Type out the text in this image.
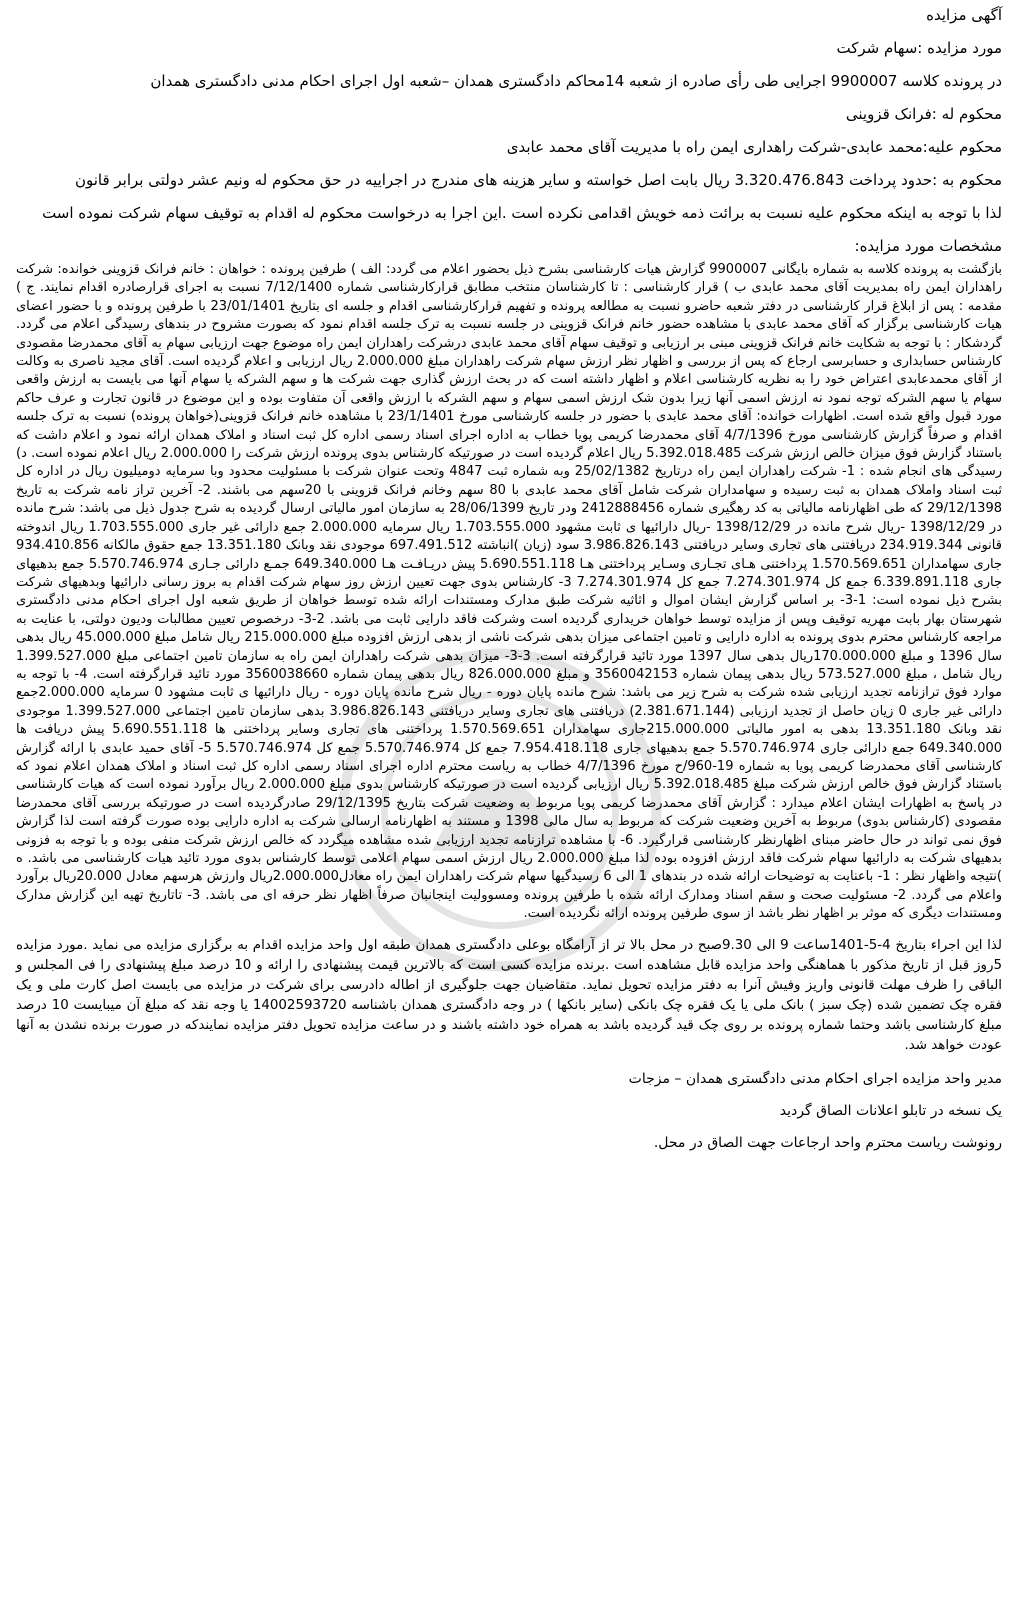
آگهی مزایده
مورد مزایده :سهام شرکت
در پرونده کلاسه 9900007 اجرایی طی رأی صادره از شعبه 14محاکم دادگستری همدان –شعبه اول اجرای احکام مدنی دادگستری همدان
محکوم له :فرانک قزوینی
محکوم علیه:محمد عابدی-شرکت راهداری ایمن راه با مدیریت آقای محمد عابدی
محکوم به :حدود پرداخت 3.320.476.843 ریال بابت اصل خواسته و سایر هزینه های مندرج در اجراییه در حق محکوم له ونیم عشر دولتی برابر قانون
لذا با توجه به اینکه محکوم علیه نسبت به برائت ذمه خویش اقدامی نکرده است .این اجرا به درخواست محکوم له اقدام به توقیف سهام شرکت نموده است
مشخصات مورد مزایده:

بازگشت به پرونده کلاسه به شماره بایگانی 9900007 گزارش هیات کارشناسی بشرح ذیل بحضور اعلام می گردد: الف ) طرفین پرونده : خواهان : خانم فرانک قزوینی خوانده: شرکت راهداران ایمن راه بمدیریت آقای محمد عابدی ب ) قرار کارشناسی : تا کارشناسان منتخب مطابق قرارکارشناسی شماره 7/12/1400 نسبت به اجرای قرارصادره اقدام نمایند. ج ) مقدمه : پس از ابلاغ قرار کارشناسی در دفتر شعبه حاضرو نسبت به مطالعه پرونده و تفهیم قرارکارشناسی اقدام و جلسه ای بتاریخ 23/01/1401 با طرفین پرونده و با حضور اعضای هیات کارشناسی برگزار که آقای محمد عابدی با مشاهده حضور خانم فرانک قزوینی در جلسه نسبت به ترک جلسه اقدام نمود که بصورت مشروح در بندهای رسیدگی اعلام می گردد. گردشکار : با توجه به شکایت خانم فرانک قزوینی مبنی بر ارزیابی و توقیف سهام آقای محمد عابدی درشرکت راهداران ایمن راه موضوع جهت ارزیابی سهام به آقای محمدرضا مقصودی کارشناس حسابداری و حسابرسی ارجاع که پس از بررسی و اظهار نظر ارزش سهام شرکت راهداران مبلغ 2.000.000 ریال ارزیابی و اعلام گردیده است. آقای مجید ناصری به وکالت از آقای محمدعابدی اعتراض خود را به نظریه کارشناسی اعلام و اظهار داشته است که در بحث ارزش گذاری جهت شرکت ها و سهم الشرکه یا سهام آنها می بایست به ارزش واقعی سهام یا سهم الشرکه توجه نمود نه ارزش اسمی آنها زیرا بدون شک ارزش اسمی سهام و سهم الشرکه با ارزش واقعی آن متفاوت بوده و این موضوع در قانون تجارت و عرف حاکم مورد قبول واقع شده است. اظهارات خوانده: آقای محمد عابدی با حضور در جلسه کارشناسی مورخ 23/1/1401 با مشاهده خانم فرانک قزوینی(خواهان پرونده) نسبت به ترک جلسه اقدام و صرفاً گزارش کارشناسی مورخ 4/7/1396 آقای محمدرضا کریمی پویا خطاب به اداره اجرای اسناد رسمی اداره کل ثبت اسناد و املاک همدان ارائه نمود و اعلام داشت که باستناد گزارش فوق میزان خالص ارزش شرکت 5.392.018.485 ریال اعلام گردیده است در صورتیکه کارشناس بدوی پرونده ارزش شرکت را 2.000.000 ریال اعلام نموده است. د) رسیدگی های انجام شده : 1- شرکت راهداران ایمن راه درتاریخ 25/02/1382 وبه شماره ثبت 4847 وتحت عنوان شرکت با مسئولیت محدود وبا سرمایه دومیلیون ریال در اداره کل ثبت اسناد واملاک همدان به ثبت رسیده و سهامداران شرکت شامل آقای محمد عابدی با 80 سهم وخانم فرانک قزوینی با 20سهم می باشند. 2- آخرین تراز نامه شرکت به تاریخ 29/12/1398 که طی اظهارنامه مالیاتی به کد رهگیری شماره 2412888456 ودر تاریخ 28/06/1399 به سازمان امور مالیاتی ارسال گردیده به شرح جدول ذیل می باشد: شرح مانده در 1398/12/29 -ریال شرح مانده در 1398/12/29 -ریال دارائیها ی ثابت مشهود 1.703.555.000 ریال سرمایه 2.000.000 جمع دارائی غیر جاری 1.703.555.000 ریال اندوخته قانونی 234.919.344 دریافتنی های تجاری وسایر دریافتنی 3.986.826.143 سود (زیان )انباشته 697.491.512 موجودی نقد وبانک 13.351.180 جمع حقوق مالکانه 934.410.856 جاری سهامداران 1.570.569.651 پرداختنی هـای تجـاری وسـایر پرداختنی هـا 5.690.551.118 پیش دریـافـت هـا 649.340.000 جمـع دارائی جـاری 5.570.746.974 جمع بدهیهای جاری 6.339.891.118 جمع کل 7.274.301.974 جمع کل 7.274.301.974 3- کارشناس بدوی جهت تعیین ارزش روز سهام شرکت اقدام به بروز رسانی دارائیها وبدهیهای شرکت بشرح ذیل نموده است: 1-3- بر اساس گزارش ایشان اموال و اثاثیه شرکت طبق مدارک ومستندات ارائه شده توسط خواهان از طریق شعبه اول اجرای احکام مدنی دادگستری شهرستان بهار بابت مهریه توقیف وپس از مزایده توسط خواهان خریداری گردیده است وشرکت فاقد دارایی ثابت می باشد. 2-3- درخصوص تعیین مطالبات وديون دولتی، با عنایت به مراجعه کارشناس محترم بدوی پرونده به اداره دارایی و تامین اجتماعی میزان بدهی شرکت ناشی از بدهی ارزش افزوده مبلغ 215.000.000 ریال شامل مبلغ 45.000.000 ریال بدهی سال 1396 و مبلغ 170.000.000ریال بدهی سال 1397 مورد تائید قرارگرفته است. 3-3- میزان بدهی شرکت راهداران ایمن راه به سازمان تامین اجتماعی مبلغ 1.399.527.000 ریال شامل ، مبلغ 573.527.000 ریال بدهی پیمان شماره 3560042153 و مبلغ 826.000.000 ریال بدهی پیمان شماره 3560038660 مورد تائید قرارگرفته است. 4- با توجه به موارد فوق ترازنامه تجدید ارزیابی شده شرکت به شرح زیر می باشد: شرح مانده پایان دوره - ریال شرح مانده پایان دوره - ریال دارائیها ی ثابت مشهود 0 سرمایه 2.000.000جمع دارائی غیر جاری 0 زیان حاصل از تجدید ارزیابی (2.381.671.144) دریافتنی های تجاری وسایر دریافتنی 3.986.826.143 بدهی سازمان تامین اجتماعی 1.399.527.000 موجودی نقد وبانک 13.351.180 بدهی به امور مالیاتی 215.000.000جاری سهامداران 1.570.569.651 پرداختنی های تجاری وسایر پرداختنی ها 5.690.551.118 پیش دریافت ها 649.340.000 جمع دارائی جاری 5.570.746.974 جمع بدهیهای جاری 7.954.418.118 جمع کل 5.570.746.974 جمع کل 5.570.746.974 5- آقای حمید عابدی با ارائه گزارش کارشناسی آقای محمدرضا کریمی پویا به شماره 19-960/ح مورخ 4/7/1396 خطاب به ریاست محترم اداره اجرای اسناد رسمی اداره کل ثبت اسناد و املاک همدان اعلام نمود که باستناد گزارش فوق خالص ارزش شرکت مبلغ 5.392.018.485 ریال ارزیابی گردیده است در صورتیکه کارشناس بدوی مبلغ 2.000.000 ریال برآورد نموده است که هیات کارشناسی در پاسخ به اظهارات ایشان اعلام میدارد : گزارش آقای محمدرضا کریمی پویا مربوط به وضعیت شرکت بتاریخ 29/12/1395 صادرگردیده است در صورتیکه بررسی آقای محمدرضا مقصودی (کارشناس بدوی) مربوط به آخرین وضعیت شرکت که مربوط به سال مالی 1398 و مستند به اظهارنامه ارسالی شرکت به اداره دارایی بوده صورت گرفته است لذا گزارش فوق نمی تواند در حال حاضر مبنای اظهارنظر کارشناسی قرارگیرد. 6- با مشاهده ترازنامه تجدید ارزیابی شده مشاهده میگردد که خالص ارزش شرکت منفی بوده و با توجه به فزونی بدهیهای شرکت به دارائیها سهام شرکت فاقد ارزش افزوده بوده لذا مبلغ 2.000.000 ریال ارزش اسمی سهام اعلامی توسط کارشناس بدوی مورد تائید هیات کارشناسی می باشد. ه )نتیجه واظهار نظر : 1- باعنایت به توضیحات ارائه شده در بندهای 1 الی 6 رسیدگیها سهام شرکت راهداران ایمن راه معادل2.000.000ریال وارزش هرسهم معادل 20.000ریال برآورد واعلام می گردد. 2- مسئولیت صحت و سقم اسناد ومدارک ارائه شده با طرفین پرونده ومسوولیت اینجانبان صرفاً اظهار نظر حرفه ای می باشد. 3- تاتاریخ تهیه این گزارش مدارک ومستندات دیگری که موثر بر اظهار نظر باشد از سوی طرفین پرونده ارائه نگردیده است.

لذا این اجراء بتاریخ 4-5-1401ساعت 9 الی 9.30صبح در محل بالا تر از آرامگاه بوعلی دادگستری همدان طبقه اول واحد مزایده اقدام به برگزاری مزایده می نماید .مورد مزایده 5روز قبل از تاریخ مذکور با هماهنگی واحد مزایده قابل مشاهده است .برنده مزایده کسی است که بالاترین قیمت پیشنهادی را ارائه و 10 درصد مبلغ پیشنهادی را فی المجلس و الباقی را ظرف مهلت قانونی واریز وفیش آنرا به دفتر مزایده تحویل نماید. متقاضیان جهت جلوگیری از اطاله دادرسی برای شرکت در مزایده می بایست اصل کارت ملی و یک فقره چک تضمین شده (چک سبز ) بانک ملی یا یک فقره چک بانکی (سایر بانکها ) در وجه دادگستری همدان باشناسه 14002593720 یا وجه نقد که مبلغ آن میبایست 10 درصد مبلغ کارشناسی باشد وحتما شماره پرونده بر روی چک قید گردیده باشد به همراه خود داشته باشند و در ساعت مزایده تحویل دفتر مزایده نمایندکه در صورت برنده نشدن به آنها عودت خواهد شد.

مدیر واحد مزایده اجرای احکام مدنی دادگستری همدان – مزجات
یک نسخه در تابلو اعلانات الصاق گردید
رونوشت ریاست محترم واحد ارجاعات جهت الصاق در محل.
